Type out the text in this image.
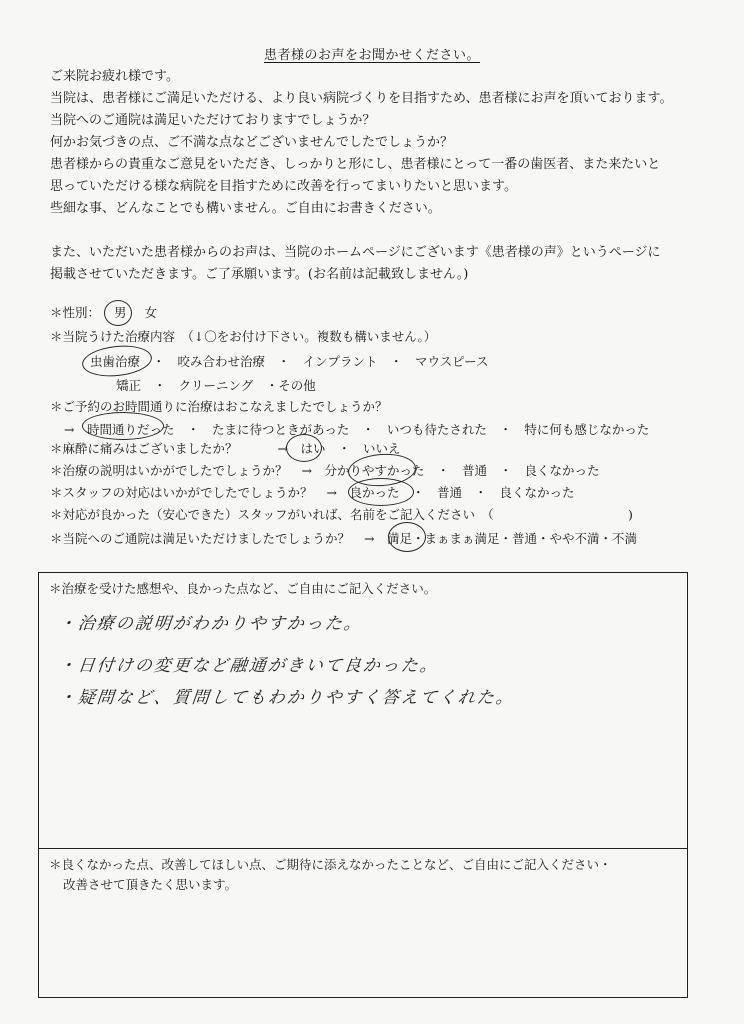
患者様のお声をお聞かせください。
ご来院お疲れ様です。
当院は、患者様にご満足いただける、より良い病院づくりを目指すため、患者様にお声を頂いております。
当院へのご通院は満足いただけておりますでしょうか？
何かお気づきの点、ご不満な点などございませんでしたでしょうか？
患者様からの貴重なご意見をいただき、しっかりと形にし、患者様にとって一番の歯医者、また来たいと
思っていただける様な病院を目指すために改善を行ってまいりたいと思います。
些細な事、どんなことでも構いません。ご自由にお書きください。
また、いただいた患者様からのお声は、当院のホームページにございます《患者様の声》というページに
掲載させていただきます。ご了承願います。(お名前は記載致しません。)
＊性別： 男 女
＊当院うけた治療内容　（↓〇をお付け下さい。複数も構いません。）
虫歯治療　・　咬み合わせ治療　・　インプラント　・　マウスピース
矯正　・　クリーニング　・その他
＊ご予約のお時間通りに治療はおこなえましたでしょうか？
→　時間通りだった　・　たまに待つときがあった　・　いつも待たされた　・　特に何も感じなかった
＊麻酔に痛みはございましたか？	→　はい　・　いいえ
＊治療の説明はいかがでしたでしょうか？ →　分かりやすかった　・　普通　・　良くなかった
＊スタッフの対応はいかがでしたでしょうか？ →　良かった　・　普通　・　良くなかった
＊対応が良かった（安心できた）スタッフがいれば、名前をご記入ください　（	)
＊当院へのご通院は満足いただけましたでしょうか？ →　満足・まぁまぁ満足・普通・やや不満・不満
＊治療を受けた感想や、良かった点など、ご自由にご記入ください。
・治療の説明がわかりやすかった。
・日付けの変更など融通がきいて良かった。
・疑問など、質問してもわかりやすく答えてくれた。
＊良くなかった点、改善してほしい点、ご期待に添えなかったことなど、ご自由にご記入ください・
改善させて頂きたく思います。
